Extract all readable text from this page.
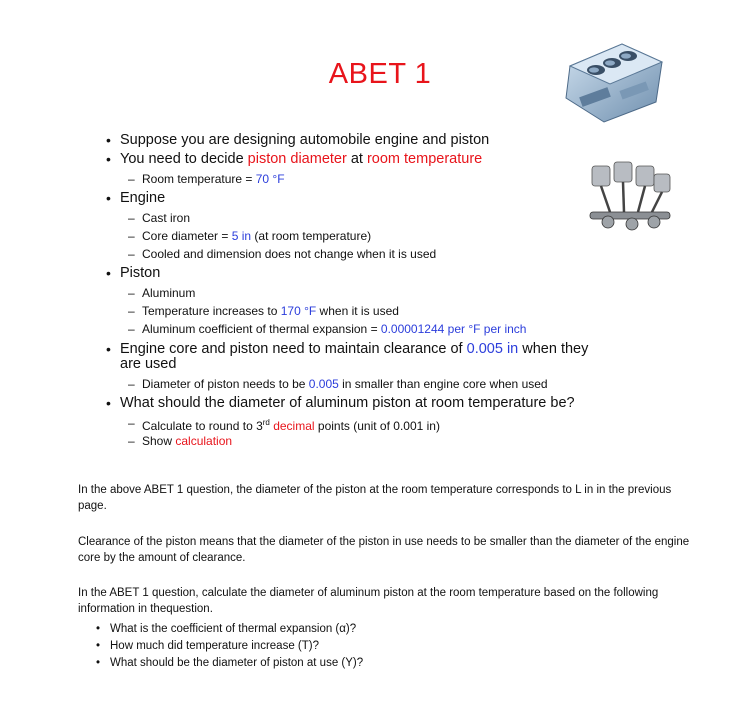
ABET 1
• Suppose you are designing automobile engine and piston
• You need to decide piston diameter at room temperature
– Room temperature = 70 °F
• Engine
– Cast iron
– Core diameter = 5 in (at room temperature)
– Cooled and dimension does not change when it is used
• Piston
– Aluminum
– Temperature increases to 170 °F when it is used
– Aluminum coefficient of thermal expansion = 0.00001244 per °F per inch
• Engine core and piston need to maintain clearance of 0.005 in when they
are used
– Diameter of piston needs to be 0.005 in smaller than engine core when used
• What should the diameter of aluminum piston at room temperature be?
– Calculate to round to 3rd decimal points (unit of 0.001 in)
– Show calculation
In the above ABET 1 question, the diameter of the piston at the room temperature corresponds to L in in the previous page.
Clearance of the piston means that the diameter of the piston in use needs to be smaller than the diameter of the engine core by the amount of clearance.
In the ABET 1 question, calculate the diameter of aluminum piston at the room temperature based on the following information in thequestion.
• What is the coefficient of thermal expansion (α)?
• How much did temperature increase (T)?
• What should be the diameter of piston at use (Y)?
